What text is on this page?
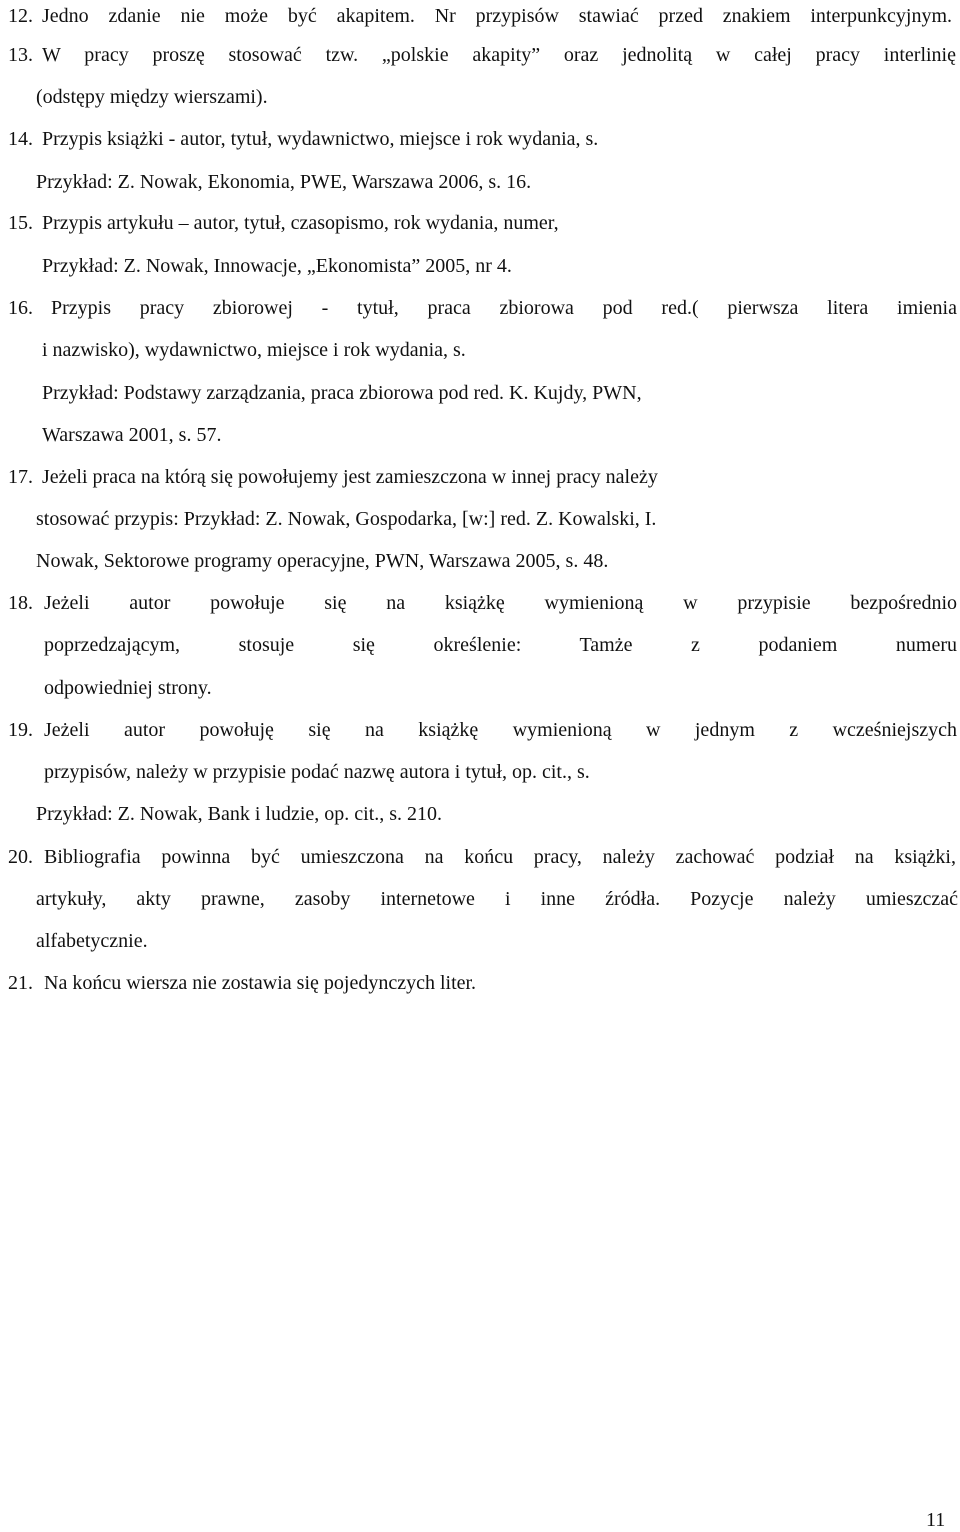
12. Jedno zdanie nie może być akapitem. Nr przypisów stawiać przed znakiem interpunkcyjnym.
13. W pracy proszę stosować tzw. „polskie akapity” oraz jednolitą w całej pracy interlinię
(odstępy między wierszami).
14. Przypis książki - autor, tytuł, wydawnictwo, miejsce i rok wydania, s.
Przykład: Z. Nowak, Ekonomia, PWE, Warszawa 2006, s. 16.
15. Przypis artykułu – autor, tytuł, czasopismo, rok wydania, numer,
Przykład: Z. Nowak, Innowacje, „Ekonomista” 2005, nr 4.
16. Przypis pracy zbiorowej - tytuł, praca zbiorowa pod red.( pierwsza litera imienia
i nazwisko), wydawnictwo, miejsce i rok wydania, s.
Przykład: Podstawy zarządzania, praca zbiorowa pod red. K. Kujdy, PWN,
Warszawa 2001, s. 57.
17. Jeżeli praca na którą się powołujemy jest zamieszczona w innej pracy należy
stosować przypis: Przykład: Z. Nowak, Gospodarka, [w:] red. Z. Kowalski, I.
Nowak, Sektorowe programy operacyjne, PWN, Warszawa 2005, s. 48.
18. Jeżeli autor powołuje się na książkę wymienioną w przypisie bezpośrednio
poprzedzającym, stosuje się określenie: Tamże z podaniem numeru
odpowiedniej strony.
19. Jeżeli autor powołuję się na książkę wymienioną w jednym z wcześniejszych
przypisów, należy w przypisie podać nazwę autora i tytuł, op. cit., s.
Przykład: Z. Nowak, Bank i ludzie, op. cit., s. 210.
20. Bibliografia powinna być umieszczona na końcu pracy, należy zachować podział na książki,
artykuły, akty prawne, zasoby internetowe i inne źródła. Pozycje należy umieszczać
alfabetycznie.
21. Na końcu wiersza nie zostawia się pojedynczych liter.
11
